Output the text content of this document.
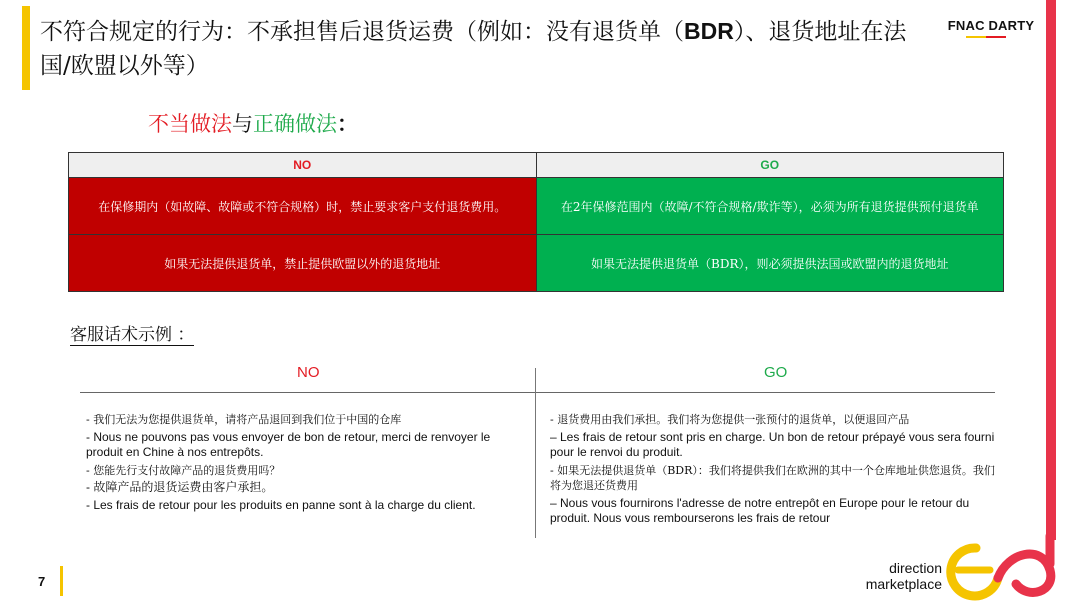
不符合规定的行为：不承担售后退货运费（例如：没有退货单（BDR）、退货地址在法国/欧盟以外等）
FNAC DARTY
不当做法与正确做法：
NO	GO
在保修期内（如故障、故障或不符合规格）时，禁止要求客户支付退货费用。	在2年保修范围内（故障/不符合规格/欺诈等），必须为所有退货提供预付退货单
如果无法提供退货单，禁止提供欧盟以外的退货地址	如果无法提供退货单（BDR），则必须提供法国或欧盟内的退货地址
客服话术示例 ：
NO	GO

- 我们无法为您提供退货单，请将产品退回到我们位于中国的仓库

- Nous ne pouvons pas vous envoyer de bon de retour, merci de renvoyer le produit en Chine à nos entrepôts.

- 您能先行支付故障产品的退货费用吗？

- 故障产品的退货运费由客户承担。

- Les frais de retour pour les produits en panne sont à la charge du client.

- 退货费用由我们承担。我们将为您提供一张预付的退货单，以便退回产品

– Les frais de retour sont pris en charge. Un bon de retour prépayé vous sera fourni pour le renvoi du produit.

- 如果无法提供退货单（BDR）：我们将提供我们在欧洲的其中一个仓库地址供您退货。我们将为您退还货费用

– Nous vous fournirons l'adresse de notre entrepôt en Europe pour le retour du produit. Nous vous rembourserons les frais de retour

7
direction
marketplace
